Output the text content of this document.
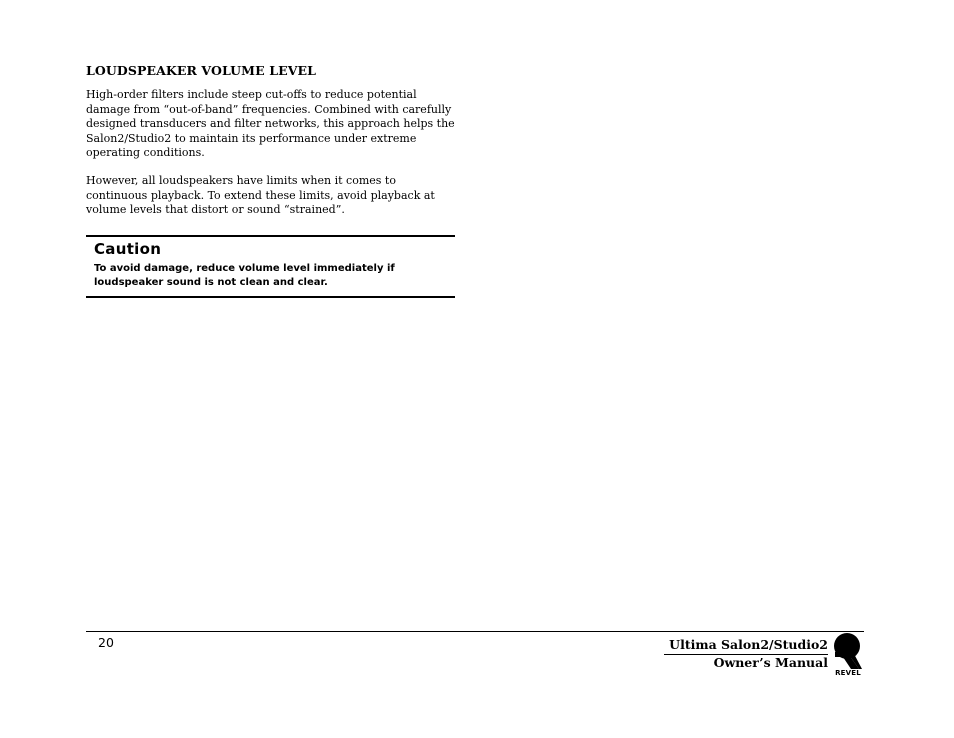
LOUDSPEAKER VOLUME LEVEL

High-order filters include steep cut-offs to reduce potential damage from “out-of-band” frequencies. Combined with carefully designed transducers and filter networks, this approach helps the Salon2/Studio2 to maintain its performance under extreme operating conditions.

However, all loudspeakers have limits when it comes to continuous playback. To extend these limits, avoid playback at volume levels that distort or sound “strained”.

Caution

To avoid damage, reduce volume level immediately if loudspeaker sound is not clean and clear.

20	Ultima Salon2/Studio2
Owner’s Manual
REVEL
